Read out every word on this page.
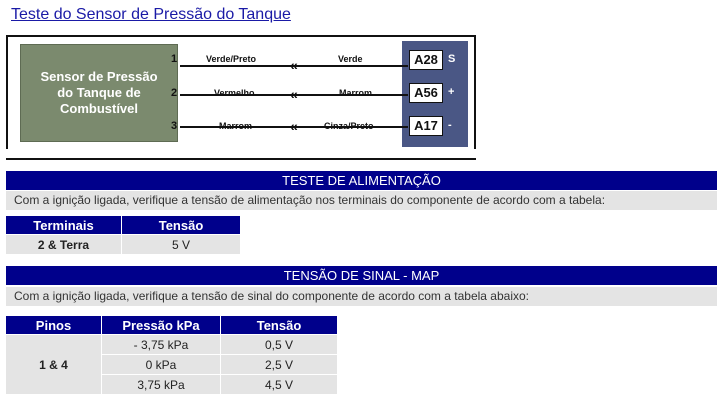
Teste do Sensor de Pressão do Tanque
Sensor de Pressão
do Tanque de
Combustível
1	Verde/Preto «	Verde	A28 S
2	Vermelho	«	Marrom	A56 +
3	Marrom	«	Cinza/Preto	A17 -
TESTE DE ALIMENTAÇÃO
Com a ignição ligada, verifique a tensão de alimentação nos terminais do componente de acordo com a tabela:
Terminais	Tensão
2 & Terra	5 V
TENSÃO DE SINAL - MAP
Com a ignição ligada, verifique a tensão de sinal do componente de acordo com a tabela abaixo:
Pinos	Pressão kPa	Tensão
1 & 4	- 3,75 kPa	0,5 V
	0 kPa	2,5 V
	3,75 kPa	4,5 V
